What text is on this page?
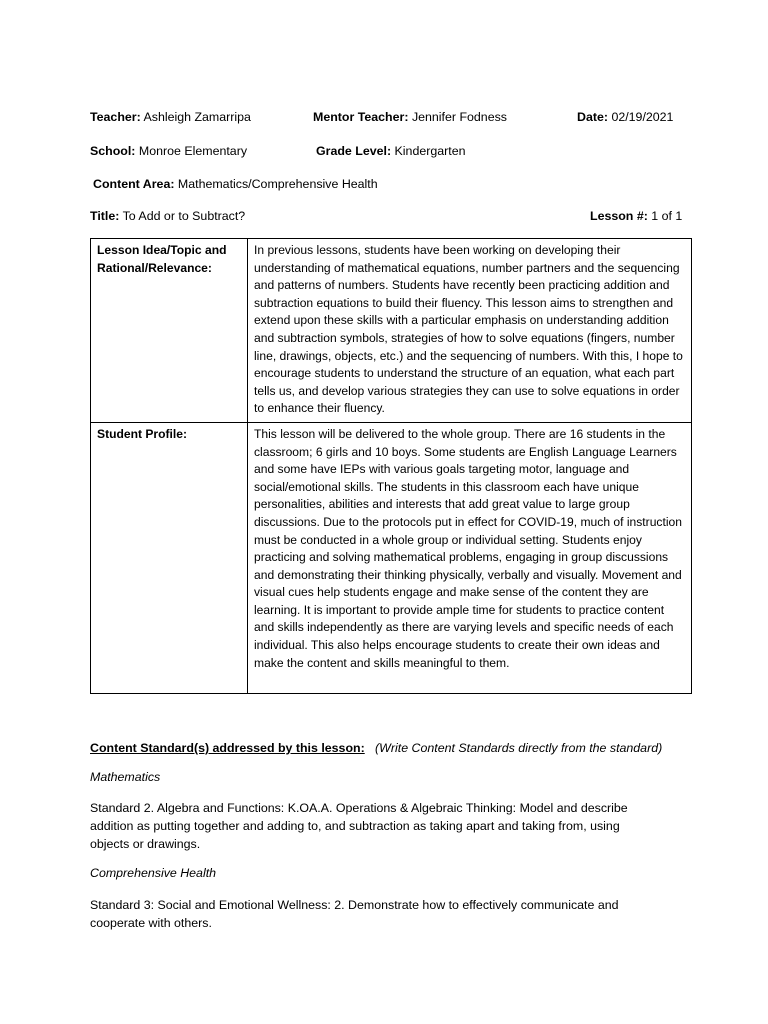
Teacher: Ashleigh Zamarripa	Mentor Teacher: Jennifer Fodness	Date: 02/19/2021
School: Monroe Elementary	Grade Level: Kindergarten
Content Area: Mathematics/Comprehensive Health
Title: To Add or to Subtract?	Lesson #: 1 of 1
Lesson Idea/Topic and Rational/Relevance:	In previous lessons, students have been working on developing their understanding of mathematical equations, number partners and the sequencing and patterns of numbers. Students have recently been practicing addition and subtraction equations to build their fluency. This lesson aims to strengthen and extend upon these skills with a particular emphasis on understanding addition and subtraction symbols, strategies of how to solve equations (fingers, number line, drawings, objects, etc.) and the sequencing of numbers. With this, I hope to encourage students to understand the structure of an equation, what each part tells us, and develop various strategies they can use to solve equations in order to enhance their fluency.
Student Profile:	This lesson will be delivered to the whole group. There are 16 students in the classroom; 6 girls and 10 boys. Some students are English Language Learners and some have IEPs with various goals targeting motor, language and social/emotional skills. The students in this classroom each have unique personalities, abilities and interests that add great value to large group discussions. Due to the protocols put in effect for COVID-19, much of instruction must be conducted in a whole group or individual setting. Students enjoy practicing and solving mathematical problems, engaging in group discussions and demonstrating their thinking physically, verbally and visually. Movement and visual cues help students engage and make sense of the content they are learning. It is important to provide ample time for students to practice content and skills independently as there are varying levels and specific needs of each individual. This also helps encourage students to create their own ideas and make the content and skills meaningful to them.
Content Standard(s) addressed by this lesson: (Write Content Standards directly from the standard)
Mathematics
Standard 2. Algebra and Functions: K.OA.A. Operations & Algebraic Thinking: Model and describe addition as putting together and adding to, and subtraction as taking apart and taking from, using objects or drawings.
Comprehensive Health
Standard 3: Social and Emotional Wellness: 2. Demonstrate how to effectively communicate and cooperate with others.
